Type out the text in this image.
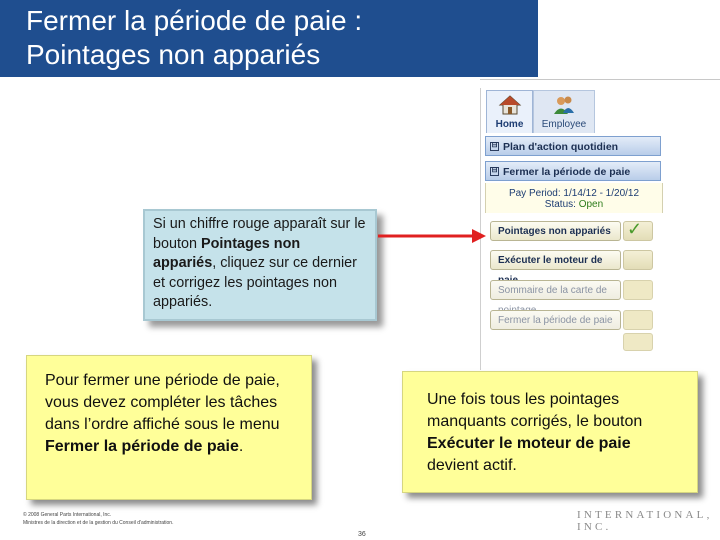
Fermer la période de paie :
Pointages non appariés
Home	Employee
⊟ Plan d'action quotidien
⊟ Fermer la période de paie
Pay Period: 1/14/12 - 1/20/12
Status: Open
Pointages non appariés ✓
Exécuter le moteur de
Sommaire de la carte de
Fermer la période de paie

Si un chiffre rouge apparaît sur le bouton Pointages non appariés, cliquez sur ce dernier et corrigez les pointages non appariés.

Pour fermer une période de paie, vous devez compléter les tâches dans l’ordre affiché sous le menu Fermer la période de paie.

Une fois tous les pointages manquants corrigés, le bouton Exécuter le moteur de paie devient actif.

© 2008 General Parts International, Inc.
Ministres de la direction et de la gestion du Conseil d'administration.
36
INTERNATIONAL, INC.
